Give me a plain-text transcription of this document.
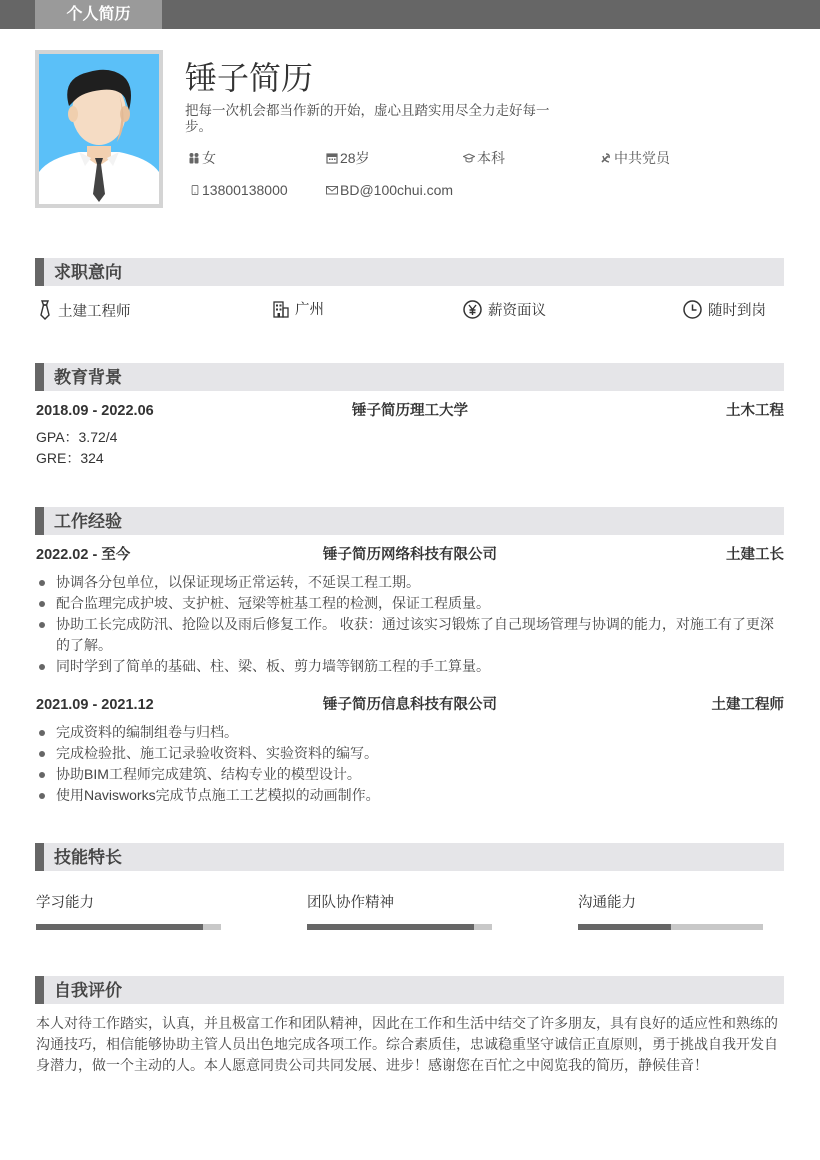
个人简历
锤子简历
把每一次机会都当作新的开始，虚心且踏实用尽全力走好每一步。
女	28岁	本科	中共党员
13800138000	BD@100chui.com
求职意向
土建工程师	广州	薪资面议	随时到岗
教育背景
2018.09 - 2022.06	锤子简历理工大学	土木工程
GPA：3.72/4
GRE：324
工作经验
2022.02 - 至今	锤子简历网络科技有限公司	土建工长
协调各分包单位，以保证现场正常运转，不延误工程工期。
配合监理完成护坡、支护桩、冠梁等桩基工程的检测，保证工程质量。
协助工长完成防汛、抢险以及雨后修复工作。 收获：通过该实习锻炼了自己现场管理与协调的能力，对施工有了更深的了解。
同时学到了简单的基础、柱、梁、板、剪力墙等钢筋工程的手工算量。
2021.09 - 2021.12	锤子简历信息科技有限公司	土建工程师
完成资料的编制组卷与归档。
完成检验批、施工记录验收资料、实验资料的编写。
协助BIM工程师完成建筑、结构专业的模型设计。
使用Navisworks完成节点施工工艺模拟的动画制作。
技能特长
学习能力	团队协作精神	沟通能力
自我评价
本人对待工作踏实，认真，并且极富工作和团队精神，因此在工作和生活中结交了许多朋友，具有良好的适应性和熟练的沟通技巧，相信能够协助主管人员出色地完成各项工作。综合素质佳，忠诚稳重坚守诚信正直原则，勇于挑战自我开发自身潜力，做一个主动的人。本人愿意同贵公司共同发展、进步！感谢您在百忙之中阅览我的简历，静候佳音！
